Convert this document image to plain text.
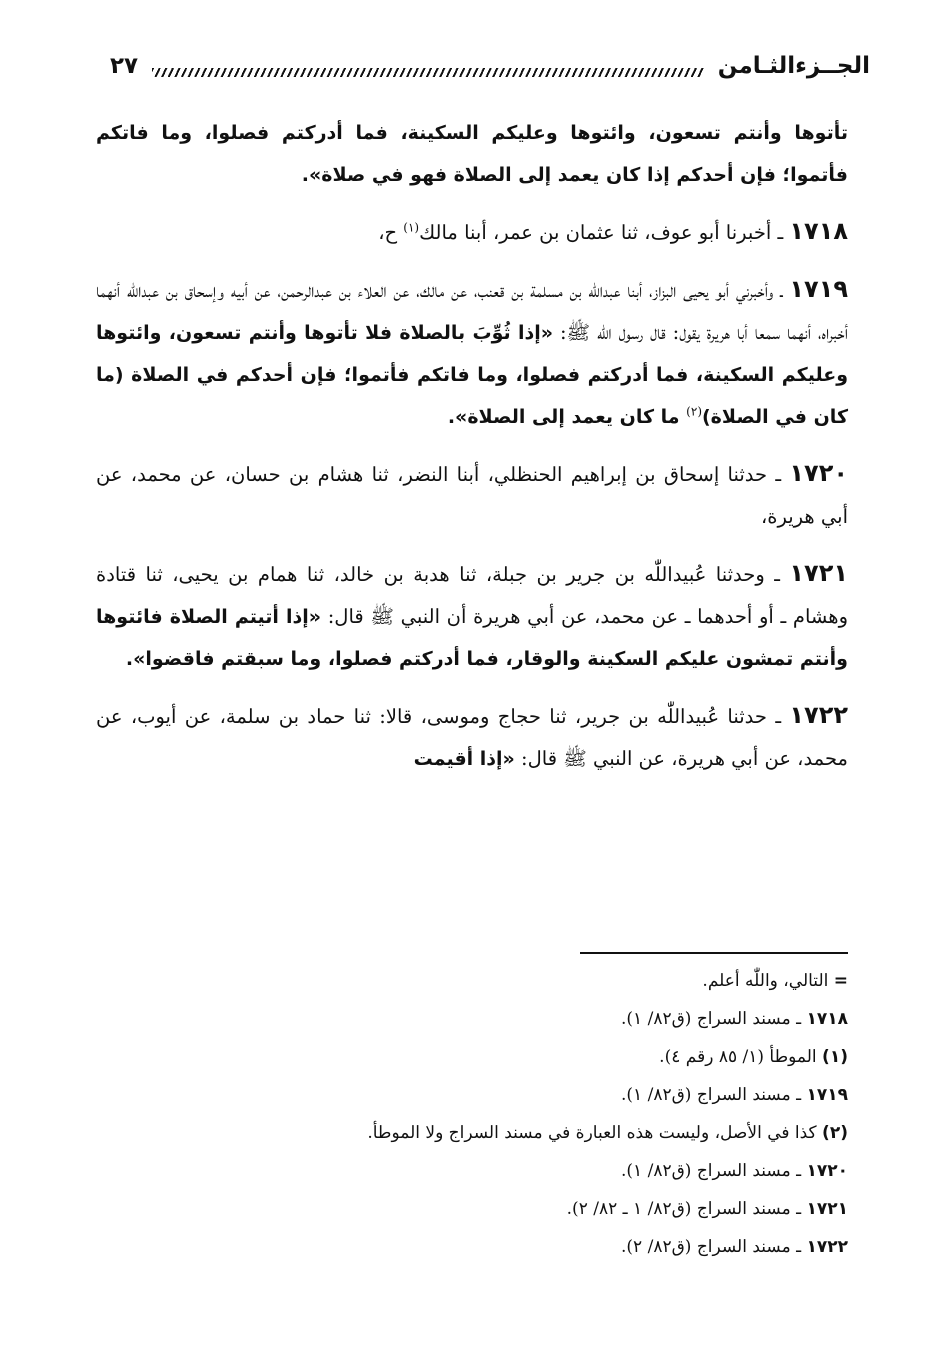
الجــزءالثـامن
٢٧

تأتوها وأنتم تسعون، وائتوها وعليكم السكينة، فما أدركتم فصلوا، وما فاتكم فأتموا؛ فإن أحدكم إذا كان يعمد إلى الصلاة فهو في صلاة».

١٧١٨ ـ أخبرنا أبو عوف، ثنا عثمان بن عمر، أبنا مالك$^{(١)}$ ح،

١٧١٩ ـ وأخبرني أبو يحيى البزاز، أبنا عبداللّٰه بن مسلمة بن قعنب، عن مالك، عن العلاء بن عبدالرحمن، عن أبيه وإسحاق بن عبداللّٰه أنهما أخبراه، أنهما سمعا أبا هريرة يقول: قال رسول اللّٰه ﷺ: «إذا ثُوِّبَ بالصلاة فلا تأتوها وأنتم تسعون، وائتوها وعليكم السكينة، فما أدركتم فصلوا، وما فاتكم فأتموا؛ فإن أحدكم في الصلاة (ما كان في الصلاة)$^{(٢)}$ ما كان يعمد إلى الصلاة».

١٧٢٠ ـ حدثنا إسحاق بن إبراهيم الحنظلي، أبنا النضر، ثنا هشام بن حسان، عن محمد، عن أبي هريرة،

١٧٢١ ـ وحدثنا عُبيداللّٰه بن جرير بن جبلة، ثنا هدبة بن خالد، ثنا همام بن يحيى، ثنا قتادة وهشام ـ أو أحدهما ـ عن محمد، عن أبي هريرة أن النبي ﷺ قال: «إذا أتيتم الصلاة فائتوها وأنتم تمشون عليكم السكينة والوقار، فما أدركتم فصلوا، وما سبقتم فاقضوا».

١٧٢٢ ـ حدثنا عُبيداللّٰه بن جرير، ثنا حجاج وموسى، قالا: ثنا حماد بن سلمة، عن أيوب، عن محمد، عن أبي هريرة، عن النبي ﷺ قال: «إذا أقيمت

= التالي، واللّٰه أعلم.
١٧١٨ ـ مسند السراج (ق٨٢/ ١).
(١) الموطأ (١/ ٨٥ رقم ٤).
١٧١٩ ـ مسند السراج (ق٨٢/ ١).
(٢) كذا في الأصل، وليست هذه العبارة في مسند السراج ولا الموطأ.
١٧٢٠ ـ مسند السراج (ق٨٢/ ١).
١٧٢١ ـ مسند السراج (ق٨٢/ ١ ـ ٨٢/ ٢).
١٧٢٢ ـ مسند السراج (ق٨٢/ ٢).
